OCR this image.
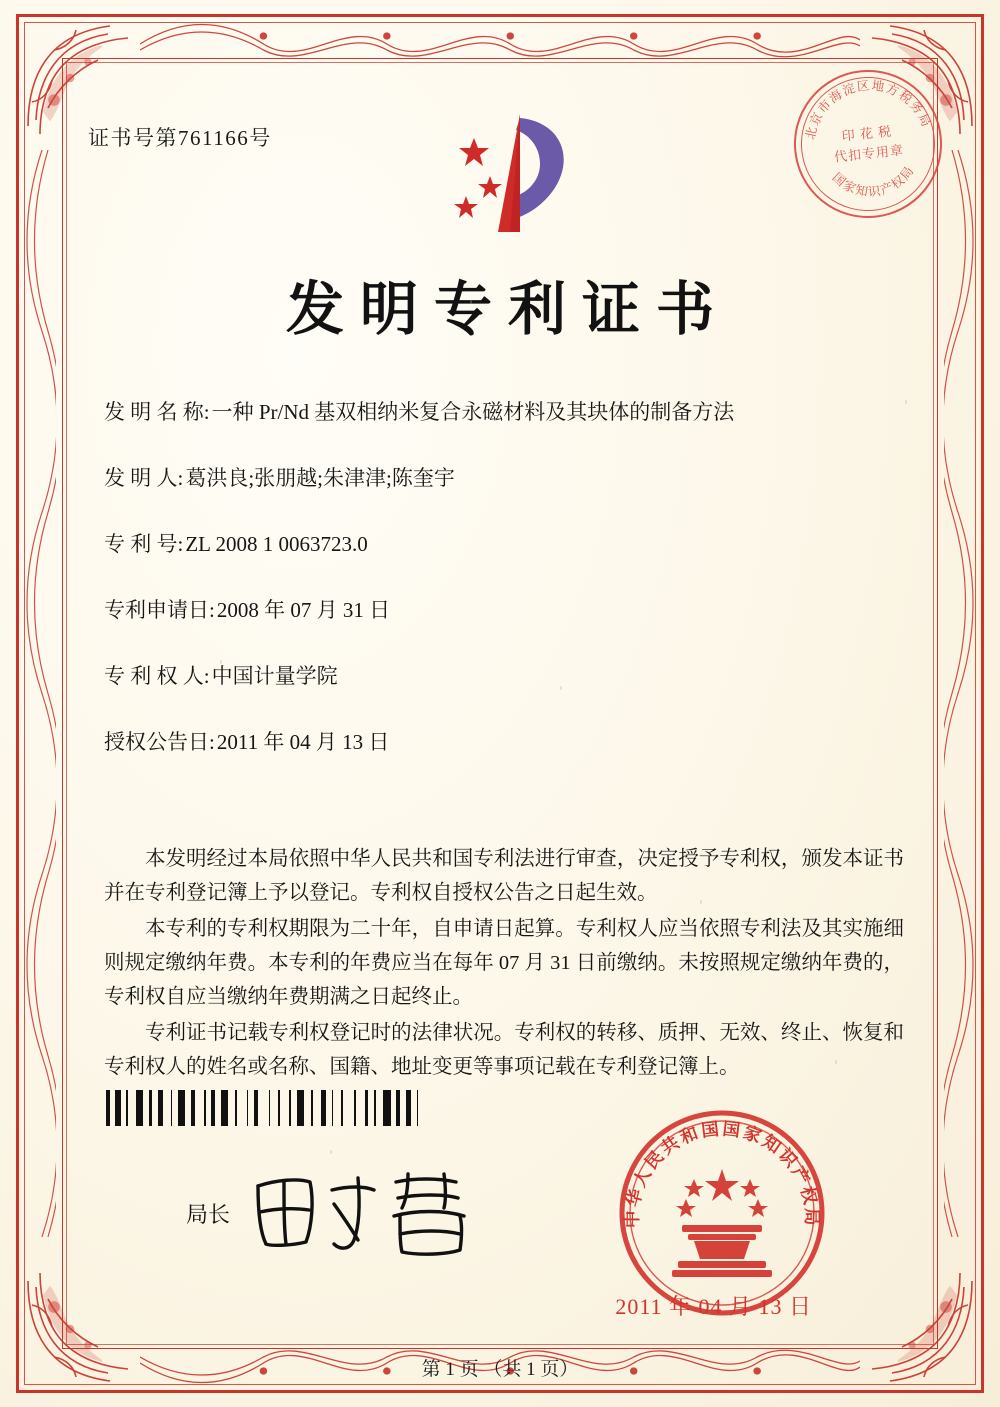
证书号第761166号	北京市海淀区地方税务局
国家知识产权局
印 花 税
代扣专用章
发明专利证书
发 明 名 称: 一种 Pr/Nd 基双相纳米复合永磁材料及其块体的制备方法
发 明 人: 葛洪良;张朋越;朱津津;陈奎宇
专 利 号: ZL 2008 1 0063723.0
专利申请日: 2008 年 07 月 31 日
专 利 权 人: 中国计量学院
授权公告日: 2011 年 04 月 13 日

本发明经过本局依照中华人民共和国专利法进行审查，决定授予专利权，颁发本证书并在专利登记簿上予以登记。专利权自授权公告之日起生效。

本专利的专利权期限为二十年，自申请日起算。专利权人应当依照专利法及其实施细则规定缴纳年费。本专利的年费应当在每年 07 月 31 日前缴纳。未按照规定缴纳年费的，专利权自应当缴纳年费期满之日起终止。

专利证书记载专利权登记时的法律状况。专利权的转移、质押、无效、终止、恢复和专利权人的姓名或名称、国籍、地址变更等事项记载在专利登记簿上。

局长	中华人民共和国国家知识产权局
2011 年 04 月 13 日
第 1 页 （共 1 页）
